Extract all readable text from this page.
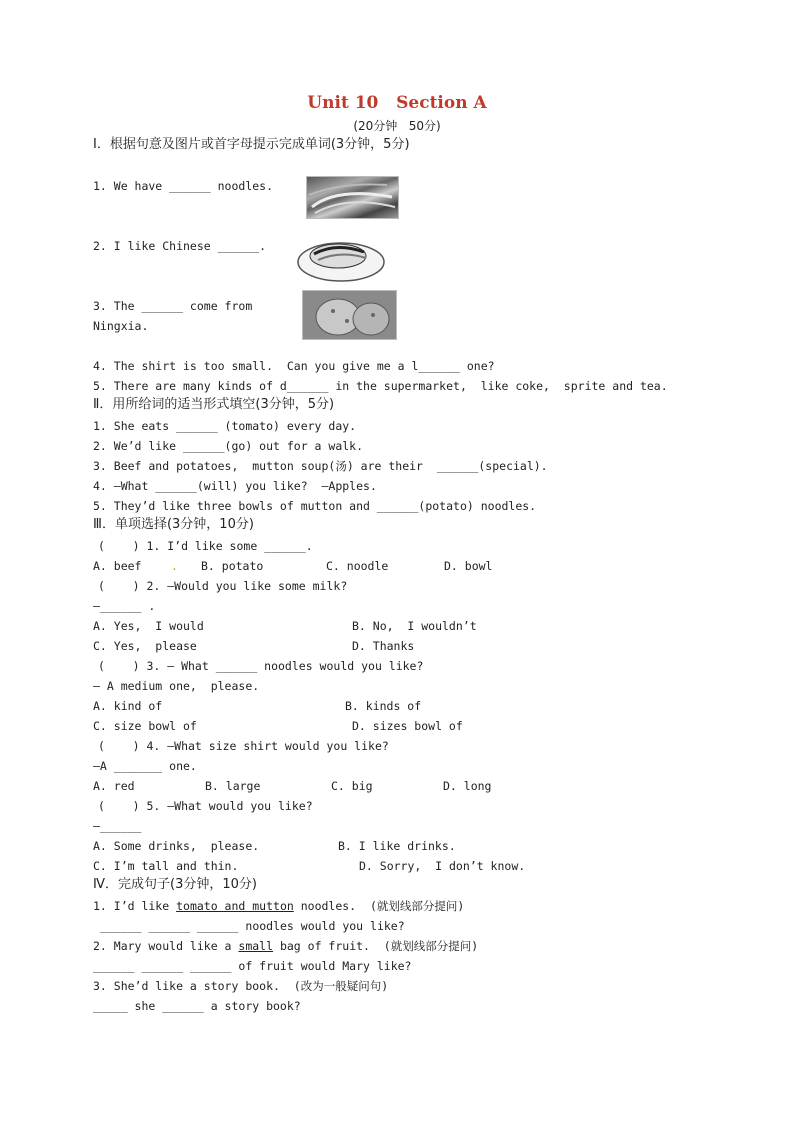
Unit 10   Section A
(20分钟   50分)
Ⅰ．根据句意及图片或首字母提示完成单词(3分钟，5分)
1. We have ______ noodles.
2. I like Chinese ______.
3. The ______ come from
Ningxia.
4. The shirt is too small.  Can you give me a l______ one?
5. There are many kinds of d______ in the supermarket,  like coke,  sprite and tea.
Ⅱ．用所给词的适当形式填空(3分钟，5分)
1. She eats ______ (tomato) every day.
2. We’d like ______(go) out for a walk.
3. Beef and potatoes,  mutton soup(汤) are their  ______(special).
4. —What ______(will) you like?  —Apples.
5. They’d like three bowls of mutton and ______(potato) noodles.
Ⅲ．单项选择(3分钟，10分)
(    ) 1. I’d like some ______.
A. beef	. B. potato	C. noodle	D. bowl
(    ) 2. —Would you like some milk?
—______ .
A. Yes,  I would	B. No,  I wouldn’t
C. Yes,  please	D. Thanks
(    ) 3. — What ______ noodles would you like?
— A medium one,  please.
A. kind of	B. kinds of
C. size bowl of	D. sizes bowl of
(    ) 4. —What size shirt would you like?
—A _______ one.
A. red	B. large	C. big	D. long
(    ) 5. —What would you like?
—______
A. Some drinks,  please.	B. I like drinks.
C. I’m tall and thin.	D. Sorry,  I don’t know.
Ⅳ．完成句子(3分钟，10分)
1. I’d like tomato and mutton noodles.  (就划线部分提问)
______ ______ ______ noodles would you like?
2. Mary would like a small bag of fruit.  (就划线部分提问)
______ ______ ______ of fruit would Mary like?
3. She’d like a story book.  (改为一般疑问句)
_____ she ______ a story book?
